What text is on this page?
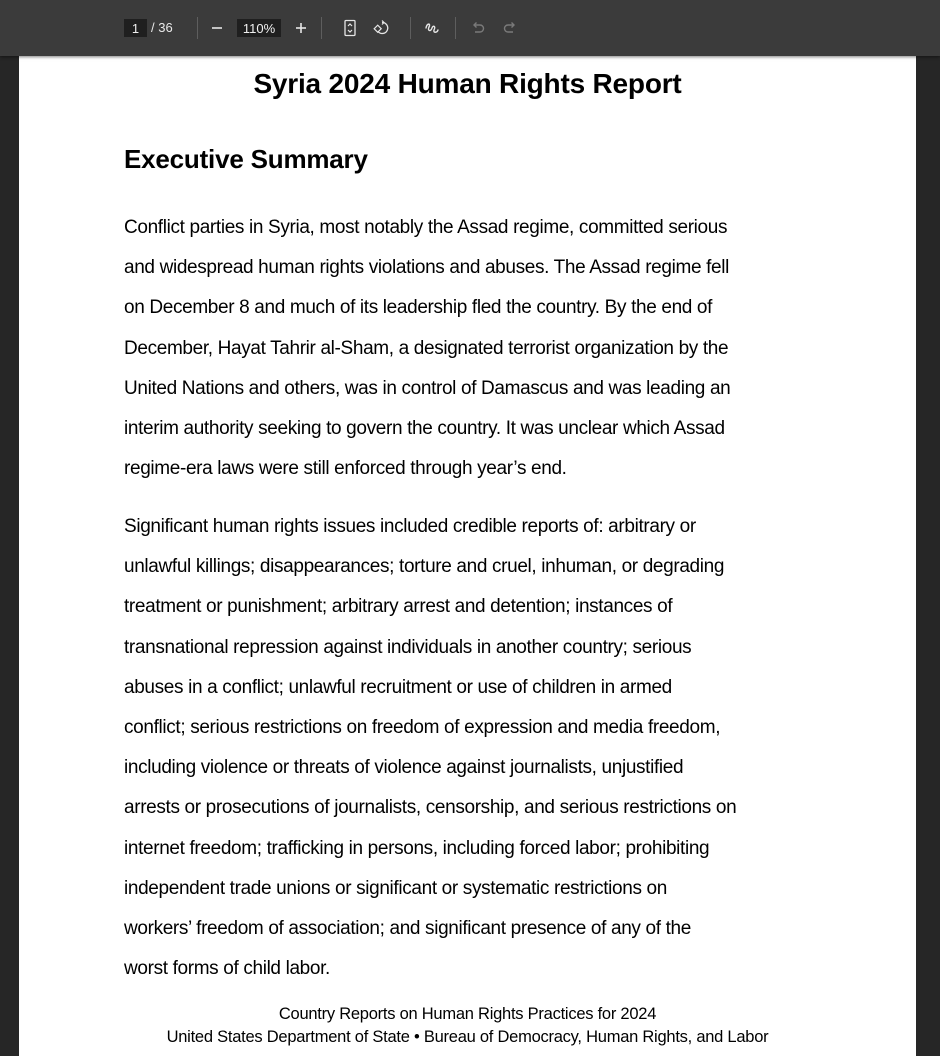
1
/ 36
110%
Syria 2024 Human Rights Report
Executive Summary

Conflict parties in Syria, most notably the Assad regime, committed serious
and widespread human rights violations and abuses. The Assad regime fell
on December 8 and much of its leadership fled the country. By the end of
December, Hayat Tahrir al-Sham, a designated terrorist organization by the
United Nations and others, was in control of Damascus and was leading an
interim authority seeking to govern the country. It was unclear which Assad
regime-era laws were still enforced through year’s end.

Significant human rights issues included credible reports of: arbitrary or
unlawful killings; disappearances; torture and cruel, inhuman, or degrading
treatment or punishment; arbitrary arrest and detention; instances of
transnational repression against individuals in another country; serious
abuses in a conflict; unlawful recruitment or use of children in armed
conflict; serious restrictions on freedom of expression and media freedom,
including violence or threats of violence against journalists, unjustified
arrests or prosecutions of journalists, censorship, and serious restrictions on
internet freedom; trafficking in persons, including forced labor; prohibiting
independent trade unions or significant or systematic restrictions on
workers’ freedom of association; and significant presence of any of the
worst forms of child labor.

Country Reports on Human Rights Practices for 2024
United States Department of State • Bureau of Democracy, Human Rights, and Labor
